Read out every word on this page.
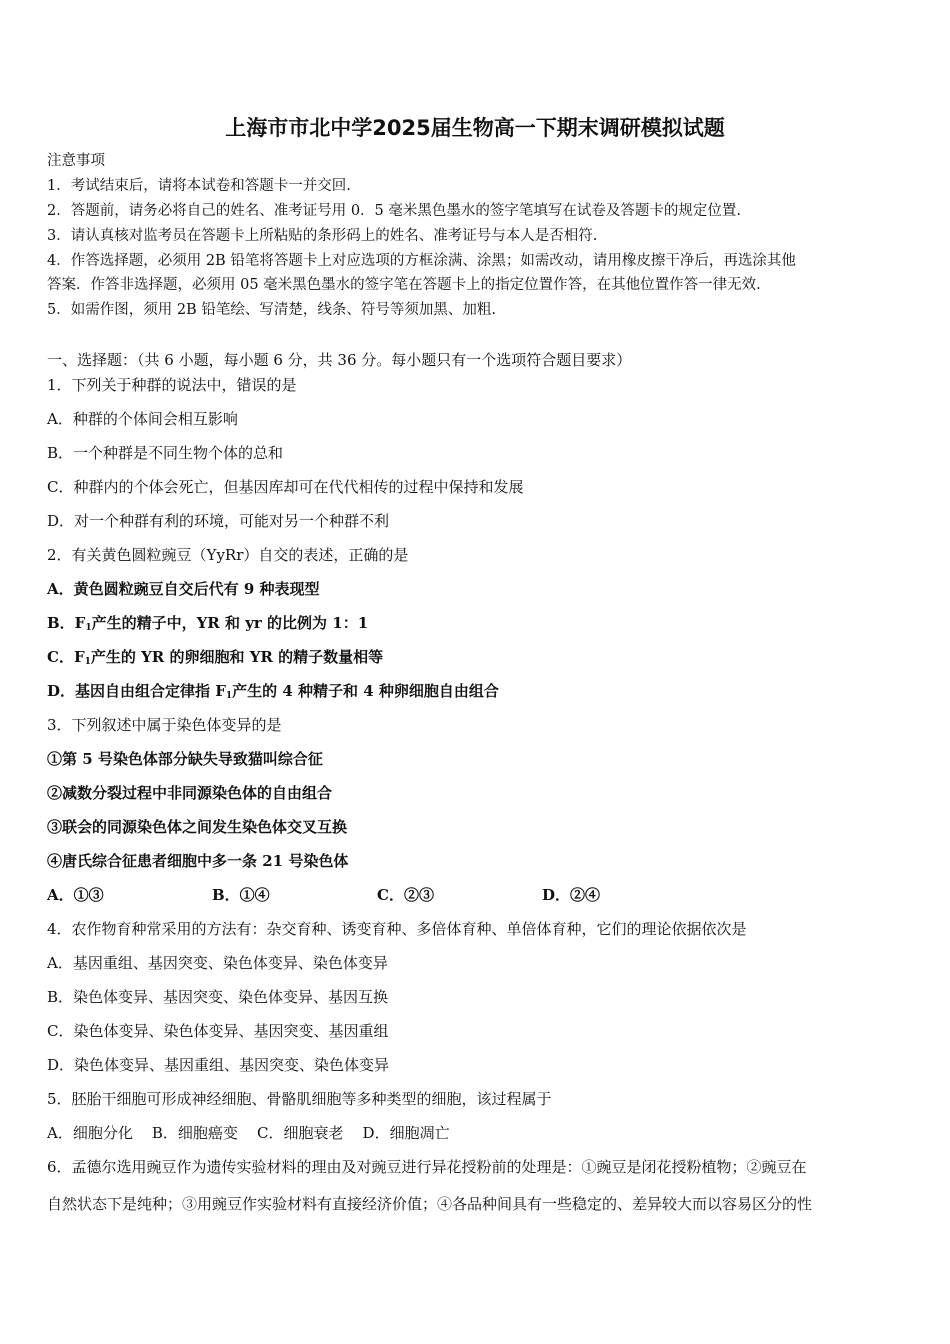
上海市市北中学2025届生物高一下期末调研模拟试题
注意事项
1．考试结束后，请将本试卷和答题卡一并交回.
2．答题前，请务必将自己的姓名、准考证号用 0．5 毫米黑色墨水的签字笔填写在试卷及答题卡的规定位置.
3．请认真核对监考员在答题卡上所粘贴的条形码上的姓名、准考证号与本人是否相符.
4．作答选择题，必须用 2B 铅笔将答题卡上对应选项的方框涂满、涂黑；如需改动，请用橡皮擦干净后，再选涂其他
答案．作答非选择题，必须用 05 毫米黑色墨水的签字笔在答题卡上的指定位置作答，在其他位置作答一律无效.
5．如需作图，须用 2B 铅笔绘、写清楚，线条、符号等须加黑、加粗.
一、选择题：（共 6 小题，每小题 6 分，共 36 分。每小题只有一个选项符合题目要求）
1．下列关于种群的说法中，错误的是
A．种群的个体间会相互影响
B．一个种群是不同生物个体的总和
C．种群内的个体会死亡，但基因库却可在代代相传的过程中保持和发展
D．对一个种群有利的环境，可能对另一个种群不利
2．有关黄色圆粒豌豆（YyRr）自交的表述，正确的是
A．黄色圆粒豌豆自交后代有 9 种表现型
B．$F_1$产生的精子中，YR 和 yr 的比例为 1：1
C．$F_1$产生的 YR 的卵细胞和 YR 的精子数量相等
D．基因自由组合定律指 $F_1$产生的 4 种精子和 4 种卵细胞自由组合
3．下列叙述中属于染色体变异的是
①第 5 号染色体部分缺失导致猫叫综合征
②减数分裂过程中非同源染色体的自由组合
③联会的同源染色体之间发生染色体交叉互换
④唐氏综合征患者细胞中多一条 21 号染色体
A．①③	B．①④	C．②③	D．②④
4．农作物育种常采用的方法有：杂交育种、诱变育种、多倍体育种、单倍体育种，它们的理论依据依次是
A．基因重组、基因突变、染色体变异、染色体变异
B．染色体变异、基因突变、染色体变异、基因互换
C．染色体变异、染色体变异、基因突变、基因重组
D．染色体变异、基因重组、基因突变、染色体变异
5．胚胎干细胞可形成神经细胞、骨骼肌细胞等多种类型的细胞，该过程属于
A．细胞分化    B．细胞癌变    C．细胞衰老    D．细胞凋亡
6．孟德尔选用豌豆作为遗传实验材料的理由及对豌豆进行异花授粉前的处理是：①豌豆是闭花授粉植物；②豌豆在
自然状态下是纯种；③用豌豆作实验材料有直接经济价值；④各品种间具有一些稳定的、差异较大而以容易区分的性
